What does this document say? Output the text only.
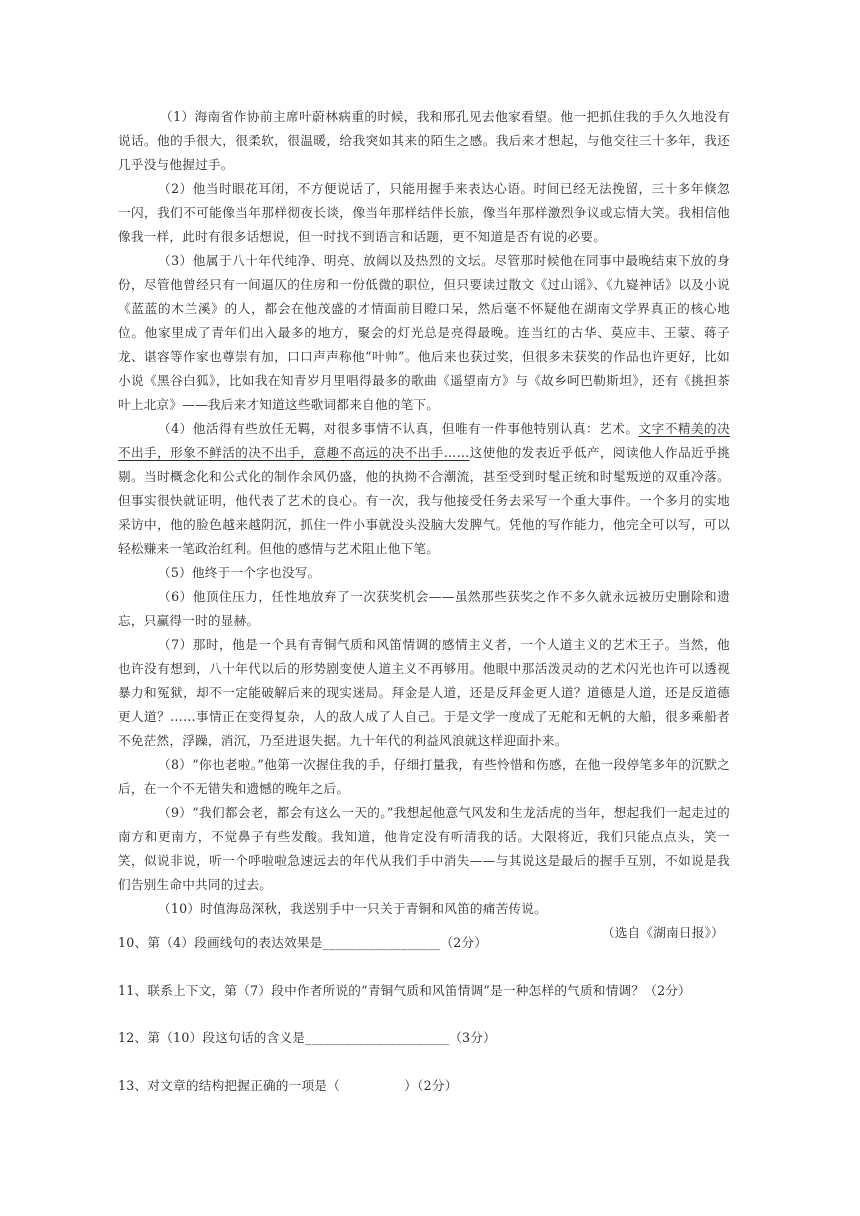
（1）海南省作协前主席叶蔚林病重的时候，我和邢孔见去他家看望。他一把抓住我的手久久地没有说话。他的手很大，很柔软，很温暖，给我突如其来的陌生之感。我后来才想起，与他交往三十多年，我还几乎没与他握过手。

（2）他当时眼花耳闭，不方便说话了，只能用握手来表达心语。时间已经无法挽留，三十多年倏忽一闪，我们不可能像当年那样彻夜长谈，像当年那样结伴长旅，像当年那样激烈争议或忘情大笑。我相信他像我一样，此时有很多话想说，但一时找不到语言和话题，更不知道是否有说的必要。

（3）他属于八十年代纯净、明亮、放阔以及热烈的文坛。尽管那时候他在同事中最晚结束下放的身份，尽管他曾经只有一间逼仄的住房和一份低微的职位，但只要读过散文《过山谣》、《九嶷神话》以及小说《蓝蓝的木兰溪》的人，都会在他茂盛的才情面前目瞪口呆，然后毫不怀疑他在湖南文学界真正的核心地位。他家里成了青年们出入最多的地方，聚会的灯光总是亮得最晚。连当红的古华、莫应丰、王蒙、蒋子龙、谌容等作家也尊崇有加，口口声声称他“叶帅”。他后来也获过奖，但很多未获奖的作品也许更好，比如小说《黑谷白狐》，比如我在知青岁月里唱得最多的歌曲《遥望南方》与《故乡呵巴勒斯坦》，还有《挑担茶叶上北京》——我后来才知道这些歌词都来自他的笔下。

（4）他活得有些放任无羁，对很多事情不认真，但唯有一件事他特别认真：艺术。文字不精美的决不出手，形象不鲜活的决不出手，意趣不高远的决不出手……这使他的发表近乎低产，阅读他人作品近乎挑剔。当时概念化和公式化的制作余风仍盛，他的执拗不合潮流，甚至受到时髦正统和时髦叛逆的双重冷落。但事实很快就证明，他代表了艺术的良心。有一次，我与他接受任务去采写一个重大事件。一个多月的实地采访中，他的脸色越来越阴沉，抓住一件小事就没头没脑大发脾气。凭他的写作能力，他完全可以写，可以轻松赚来一笔政治红利。但他的感情与艺术阻止他下笔。

（5）他终于一个字也没写。

（6）他顶住压力，任性地放弃了一次获奖机会——虽然那些获奖之作不多久就永远被历史删除和遗忘，只赢得一时的显赫。

（7）那时，他是一个具有青铜气质和风笛情调的感情主义者，一个人道主义的艺术王子。当然，他也许没有想到，八十年代以后的形势剧变使人道主义不再够用。他眼中那活泼灵动的艺术闪光也许可以透视暴力和冤狱，却不一定能破解后来的现实迷局。拜金是人道，还是反拜金更人道？道德是人道，还是反道德更人道？……事情正在变得复杂，人的敌人成了人自己。于是文学一度成了无舵和无帆的大船，很多乘船者不免茫然，浮躁，消沉，乃至进退失据。九十年代的利益风浪就这样迎面扑来。

（8）“你也老啦。”他第一次握住我的手，仔细打量我，有些怜惜和伤感，在他一段停笔多年的沉默之后，在一个不无错失和遗憾的晚年之后。

（9）“我们都会老，都会有这么一天的。”我想起他意气风发和生龙活虎的当年，想起我们一起走过的南方和更南方，不觉鼻子有些发酸。我知道，他肯定没有听清我的话。大限将近，我们只能点点头，笑一笑，似说非说，听一个呼啦啦急速远去的年代从我们手中消失——与其说这是最后的握手互别，不如说是我们告别生命中共同的过去。

（10）时值海岛深秋，我送别手中一只关于青铜和风笛的痛苦传说。

（选自《湖南日报》）

10、第（4）段画线句的表达效果是__________________（2分）
11、联系上下文，第（7）段中作者所说的“青铜气质和风笛情调”是一种怎样的气质和情调？（2分）
12、第（10）段这句话的含义是______________________（3分）
13、对文章的结构把握正确的一项是（　　　　　）（2分）
